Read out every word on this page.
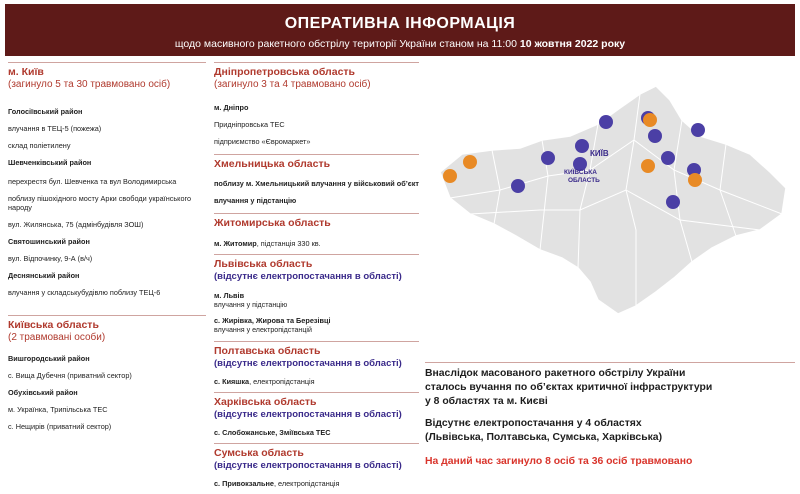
ОПЕРАТИВНА ІНФОРМАЦІЯ
щодо масивного ракетного обстрілу території України станом на 11:00 10 жовтня 2022 року
м. Київ
(загинуло 5 та 30 травмовано осіб)
Голосіївський район
влучання в ТЕЦ-5 (пожежа)
склад поліетилену
Шевченківський район
перехрестя бул. Шевченка та вул Володимирська
поблизу пішохідного мосту Арки свободи українського народу
вул. Жилянська, 75 (адмінбудівля ЗОШ)
Святошинський район
вул. Відпочинку, 9-А (в/ч)
Деснянський район
влучання у складськубудівлю поблизу ТЕЦ-6
Київська область
(2 травмовані особи)
Вишгородський район
с. Вища Дубечня (приватний сектор)
Обухівський район
м. Українка, Трипільська ТЕС
с. Нещирів (приватний сектор)
Дніпропетровська область
(загинуло 3 та 4 травмовано осіб)
м. Дніпро
Придніпровська ТЕС
підприємство «Євромаркет»
Хмельницька область
поблизу м. Хмельницький влучання у військовий об’єкт
влучання у підстанцію
Житомирська область
м. Житомир, підстанція 330 кв.
Львівська область
(відсутнє електропостачання в області)
м. Львів
влучання у підстанцію
с. Жирівка, Жирова та Березівці
влучання у електропідстанцій
Полтавська область
(відсутнє електропостачання в області)
с. Кияшка, електропідстанція
Харківська область
(відсутнє електропостачання в області)
с. Слобожанське, Зміївська ТЕС
Сумська область
(відсутнє електропостачання в області)
с. Привокзальне, електропідстанція
КИЇВ
КИЇВСЬКА
ОБЛАСТЬ
Внаслідок масованого ракетного обстрілу України
сталось вучання по об’єктах критичної інфраструктури
у 8 областях та м. Києві
Відсутнє електропостачання у 4 областях
(Львівська, Полтавська, Сумська, Харківська)
На даний час загинуло 8 осіб та 36 осіб травмовано
